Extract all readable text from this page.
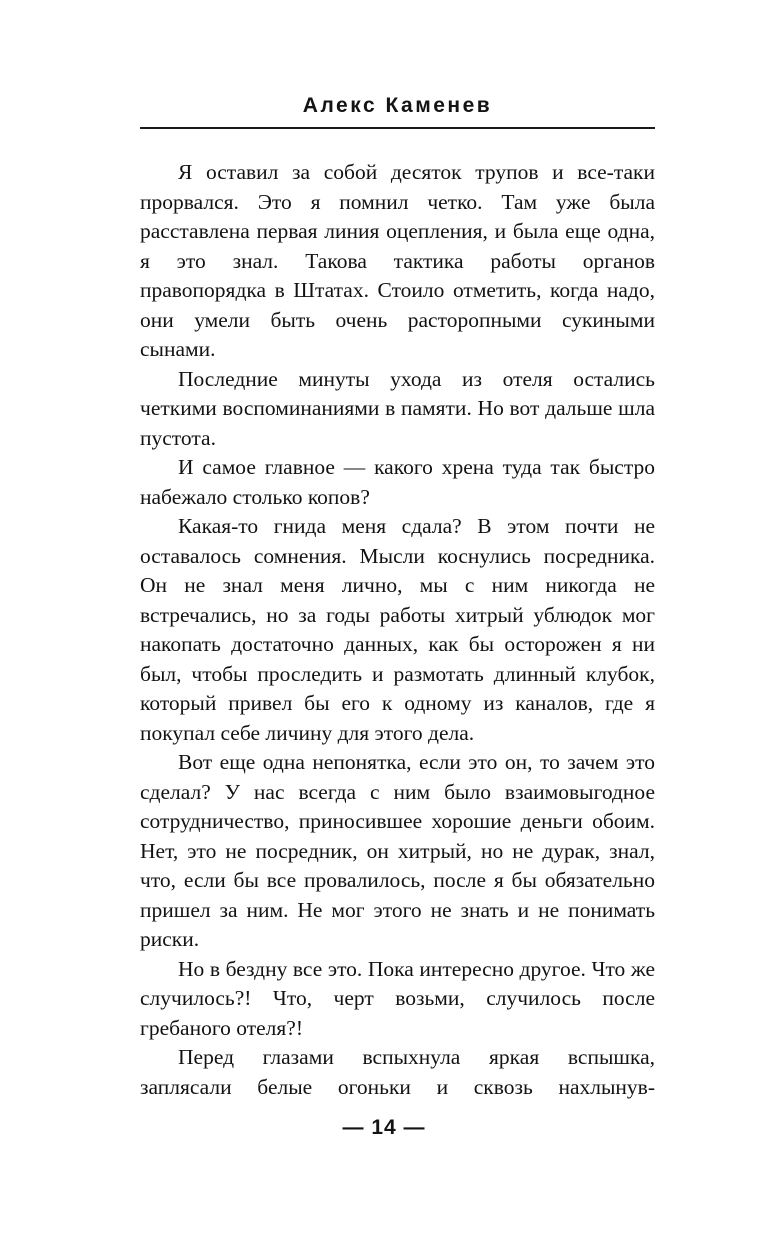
Алекс Каменев

Я оставил за собой десяток трупов и все-таки прорвался. Это я помнил четко. Там уже была расставлена первая линия оцепления, и была еще одна, я это знал. Такова тактика работы органов правопорядка в Штатах. Стоило отметить, когда надо, они умели быть очень расторопными сукиными сынами.

Последние минуты ухода из отеля остались четкими воспоминаниями в памяти. Но вот дальше шла пустота.

И самое главное — какого хрена туда так быстро набежало столько копов?

Какая-то гнида меня сдала? В этом почти не оставалось сомнения. Мысли коснулись посредника. Он не знал меня лично, мы с ним никогда не встречались, но за годы работы хитрый ублюдок мог накопать достаточно данных, как бы осторожен я ни был, чтобы проследить и размотать длинный клубок, который привел бы его к одному из каналов, где я покупал себе личину для этого дела.

Вот еще одна непонятка, если это он, то зачем это сделал? У нас всегда с ним было взаимовыгодное сотрудничество, приносившее хорошие деньги обоим. Нет, это не посредник, он хитрый, но не дурак, знал, что, если бы все провалилось, после я бы обязательно пришел за ним. Не мог этого не знать и не понимать риски.

Но в бездну все это. Пока интересно другое. Что же случилось?! Что, черт возьми, случилось после гребаного отеля?!

Перед глазами вспыхнула яркая вспышка, заплясали белые огоньки и сквозь нахлынув-

— 14 —
